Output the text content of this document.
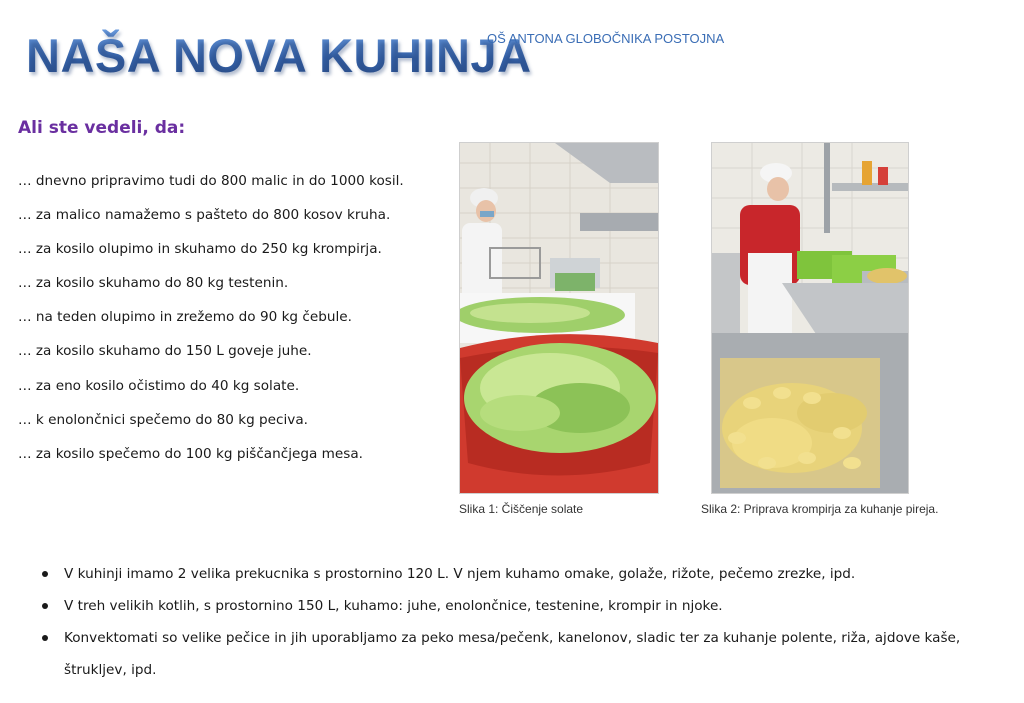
NAŠA NOVA KUHINJA
OŠ ANTONA GLOBOČNIKA POSTOJNA
Ali ste vedeli, da:
… dnevno pripravimo tudi do 800 malic in do 1000 kosil.
… za malico namažemo s pašteto do 800 kosov kruha.
… za kosilo olupimo in skuhamo do 250 kg krompirja.
… za kosilo skuhamo do 80 kg testenin.
… na teden olupimo in zrežemo do 90 kg čebule.
… za kosilo skuhamo do 150 L goveje juhe.
… za eno kosilo očistimo do 40 kg solate.
… k enolončnici spečemo do 80 kg peciva.
… za kosilo spečemo do 100 kg piščančjega mesa.
Slika 1: Čiščenje solate	Slika 2: Priprava krompirja za kuhanje pireja.
V kuhinji imamo 2 velika prekucnika s prostornino 120 L. V njem kuhamo omake, golaže, rižote, pečemo zrezke, ipd.
V treh velikih kotlih, s prostornino 150 L, kuhamo: juhe, enolončnice, testenine, krompir in njoke.
Konvektomati so velike pečice in jih uporabljamo za peko mesa/pečenk, kanelonov, sladic ter za kuhanje polente, riža, ajdove kaše, štrukljev, ipd.
